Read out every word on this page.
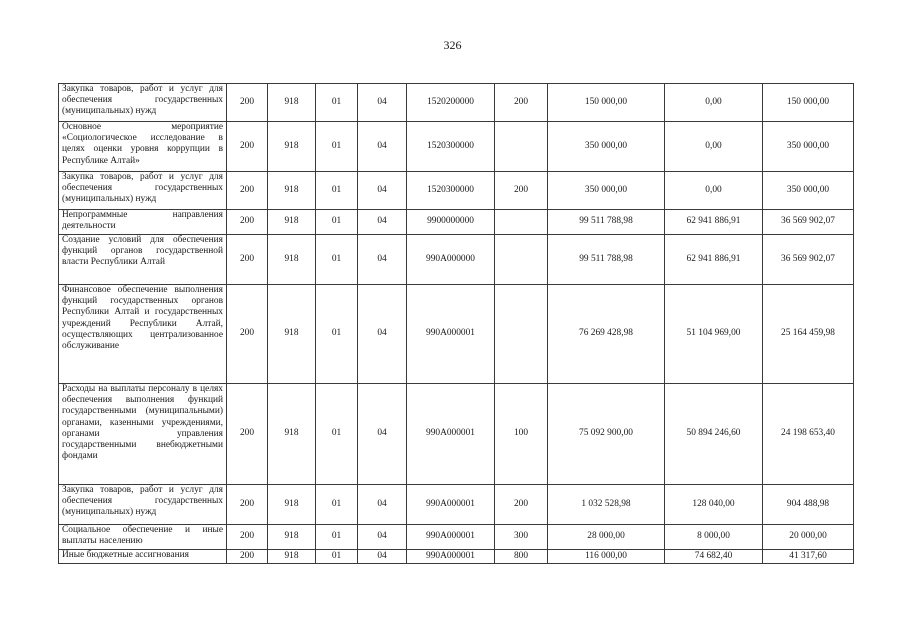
326
Закупка товаров, работ и услуг для обеспечения государственных (муниципальных) нужд	200	918	01	04	1520200000	200	150 000,00	0,00	150 000,00
Основное мероприятие «Социологическое исследование в целях оценки уровня коррупции в Республике Алтай»	200	918	01	04	1520300000		350 000,00	0,00	350 000,00
Закупка товаров, работ и услуг для обеспечения государственных (муниципальных) нужд	200	918	01	04	1520300000	200	350 000,00	0,00	350 000,00
Непрограммные направления деятельности	200	918	01	04	9900000000		99 511 788,98	62 941 886,91	36 569 902,07
Создание условий для обеспечения функций органов государственной власти Республики Алтай	200	918	01	04	990А000000		99 511 788,98	62 941 886,91	36 569 902,07
Финансовое обеспечение выполнения функций государственных органов Республики Алтай и государственных учреждений Республики Алтай, осуществляющих централизованное обслуживание	200	918	01	04	990А000001		76 269 428,98	51 104 969,00	25 164 459,98
Расходы на выплаты персоналу в целях обеспечения выполнения функций государственными (муниципальными) органами, казенными учреждениями, органами управления государственными внебюджетными фондами	200	918	01	04	990А000001	100	75 092 900,00	50 894 246,60	24 198 653,40
Закупка товаров, работ и услуг для обеспечения государственных (муниципальных) нужд	200	918	01	04	990А000001	200	1 032 528,98	128 040,00	904 488,98
Социальное обеспечение и иные выплаты населению	200	918	01	04	990А000001	300	28 000,00	8 000,00	20 000,00
Иные бюджетные ассигнования	200	918	01	04	990А000001	800	116 000,00	74 682,40	41 317,60
